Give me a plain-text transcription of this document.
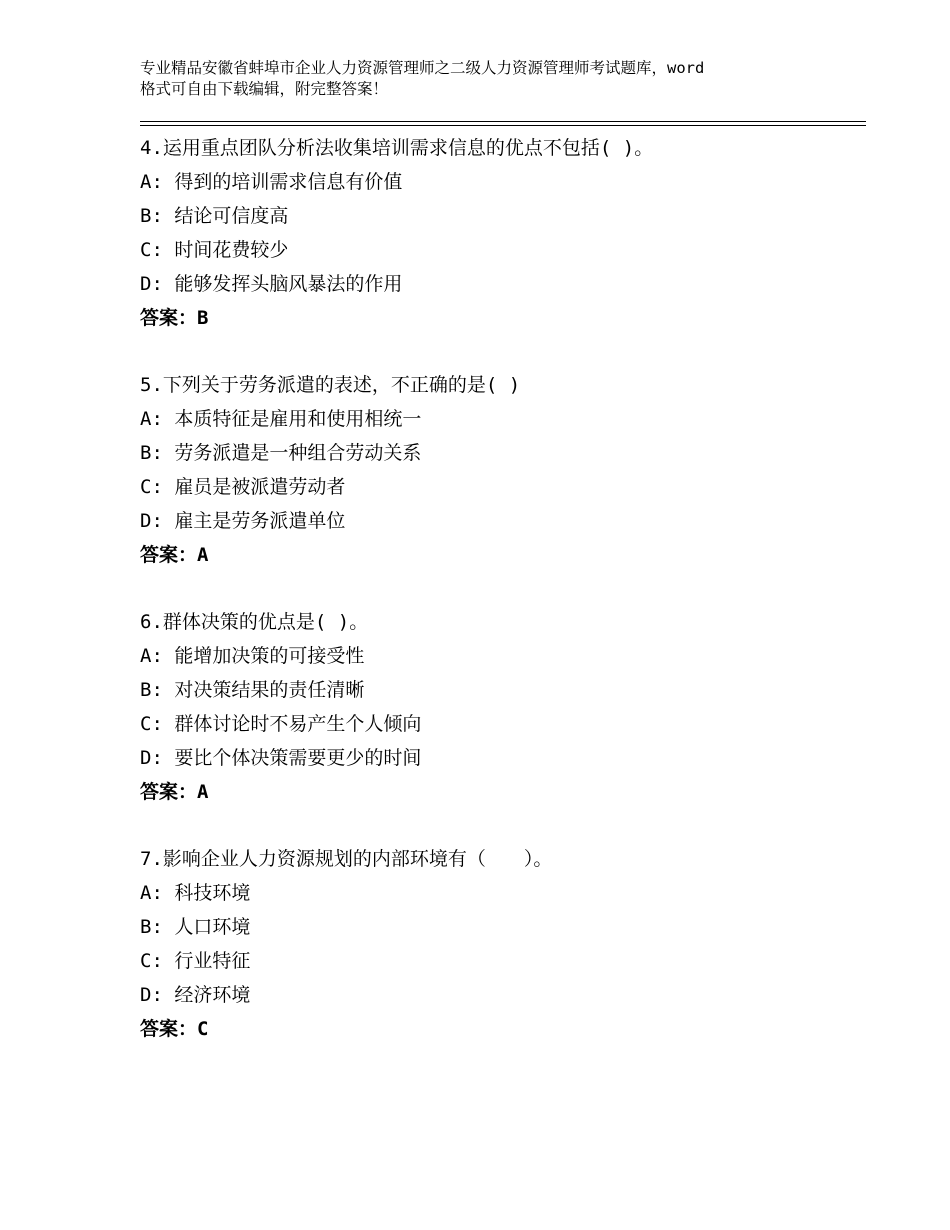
专业精品安徽省蚌埠市企业人力资源管理师之二级人力资源管理师考试题库，word
格式可自由下载编辑，附完整答案！
4.运用重点团队分析法收集培训需求信息的优点不包括( )。
A: 得到的培训需求信息有价值
B: 结论可信度高
C: 时间花费较少
D: 能够发挥头脑风暴法的作用
答案：B
5.下列关于劳务派遣的表述，不正确的是( )
A: 本质特征是雇用和使用相统一
B: 劳务派遣是一种组合劳动关系
C: 雇员是被派遣劳动者
D: 雇主是劳务派遣单位
答案：A
6.群体决策的优点是( )。
A: 能增加决策的可接受性
B: 对决策结果的责任清晰
C: 群体讨论时不易产生个人倾向
D: 要比个体决策需要更少的时间
答案：A
7.影响企业人力资源规划的内部环境有（　　）。
A: 科技环境
B: 人口环境
C: 行业特征
D: 经济环境
答案：C
